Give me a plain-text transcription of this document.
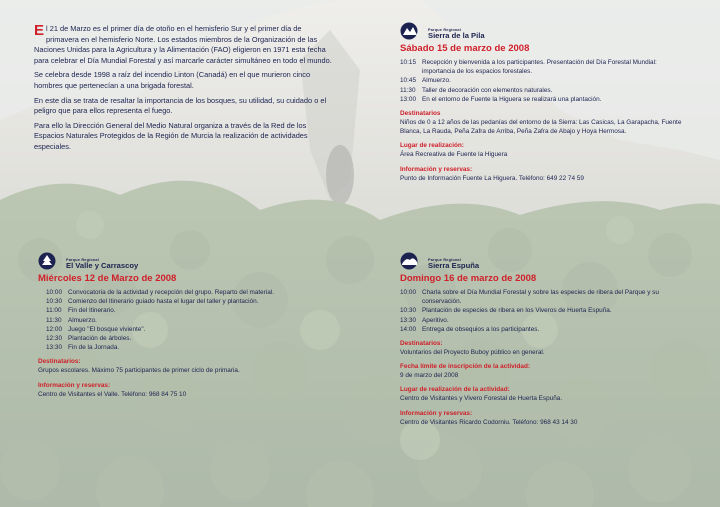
El 21 de Marzo es el primer día de otoño en el hemisferio Sur y el primer día de primavera en el hemisferio Norte. Los estados miembros de la Organización de las Naciones Unidas para la Agricultura y la Alimentación (FAO) eligieron en 1971 esta fecha para celebrar el Día Mundial Forestal y así marcarle carácter simultáneo en todo el mundo.

Se celebra desde 1998 a raíz del incendio Linton (Canadá) en el que murieron cinco hombres que pertenecían a una brigada forestal.

En este día se trata de resaltar la importancia de los bosques, su utilidad, su cuidado o el peligro que para ellos representa el fuego.

Para ello la Dirección General del Medio Natural organiza a través de la Red de los Espacios Naturales Protegidos de la Región de Murcia la realización de actividades especiales.

Parque Regional
Sierra de la Pila
Sábado 15 de marzo de 2008
10:15 Recepción y bienvenida a los participantes. Presentación del Día Forestal Mundial: importancia de los espacios forestales.
10:45 Almuerzo.
11:30	Taller de decoración con elementos naturales.
13:00 En el entorno de Fuente la Higuera se realizará una plantación.
Destinatarios
Niños de 0 a 12 años de las pedanías del entorno de la Sierra: Las Casicas, La Garapacha, Fuente Blanca, La Rauda, Peña Zafra de Arriba, Peña Zafra de Abajo y Hoya Hermosa.
Lugar de realización:
Área Recreativa de Fuente la Higuera
Información y reservas:
Punto de Información Fuente La Higuera. Teléfono: 649 22 74 59
Parque Regional
El Valle y Carrascoy
Miércoles 12 de Marzo de 2008
10:00 Convocatoria de la actividad y recepción del grupo. Reparto del material.
10:30 Comienzo del Itinerario guiado hasta el lugar del taller y plantación.
11:00	Fin del Itinerario.
11:30	Almuerzo.
12:00 Juego "El bosque viviente".
12:30 Plantación de árboles.
13:30 Fin de la Jornada.
Destinatarios:
Grupos escolares. Máximo 75 participantes de primer ciclo de primaria.
Información y reservas:
Centro de Visitantes el Valle. Teléfono: 968 84 75 10
Parque Regional
Sierra Espuña
Domingo 16 de marzo de 2008
10:00 Charla sobre el Día Mundial Forestal y sobre las especies de ribera del Parque y su conservación.
10:30 Plantación de especies de ribera en los Viveros de Huerta Espuña.
13:30 Aperitivo.
14:00 Entrega de obsequios a los participantes.
Destinatarios:
Voluntarios del Proyecto Buboy público en general.
Fecha límite de inscripción de la actividad:
9 de marzo del 2008
Lugar de realización de la actividad:
Centro de Visitantes y Vivero Forestal de Huerta Espuña.
Información y reservas:
Centro de Visitantes Ricardo Codorniu. Teléfono: 968 43 14 30
